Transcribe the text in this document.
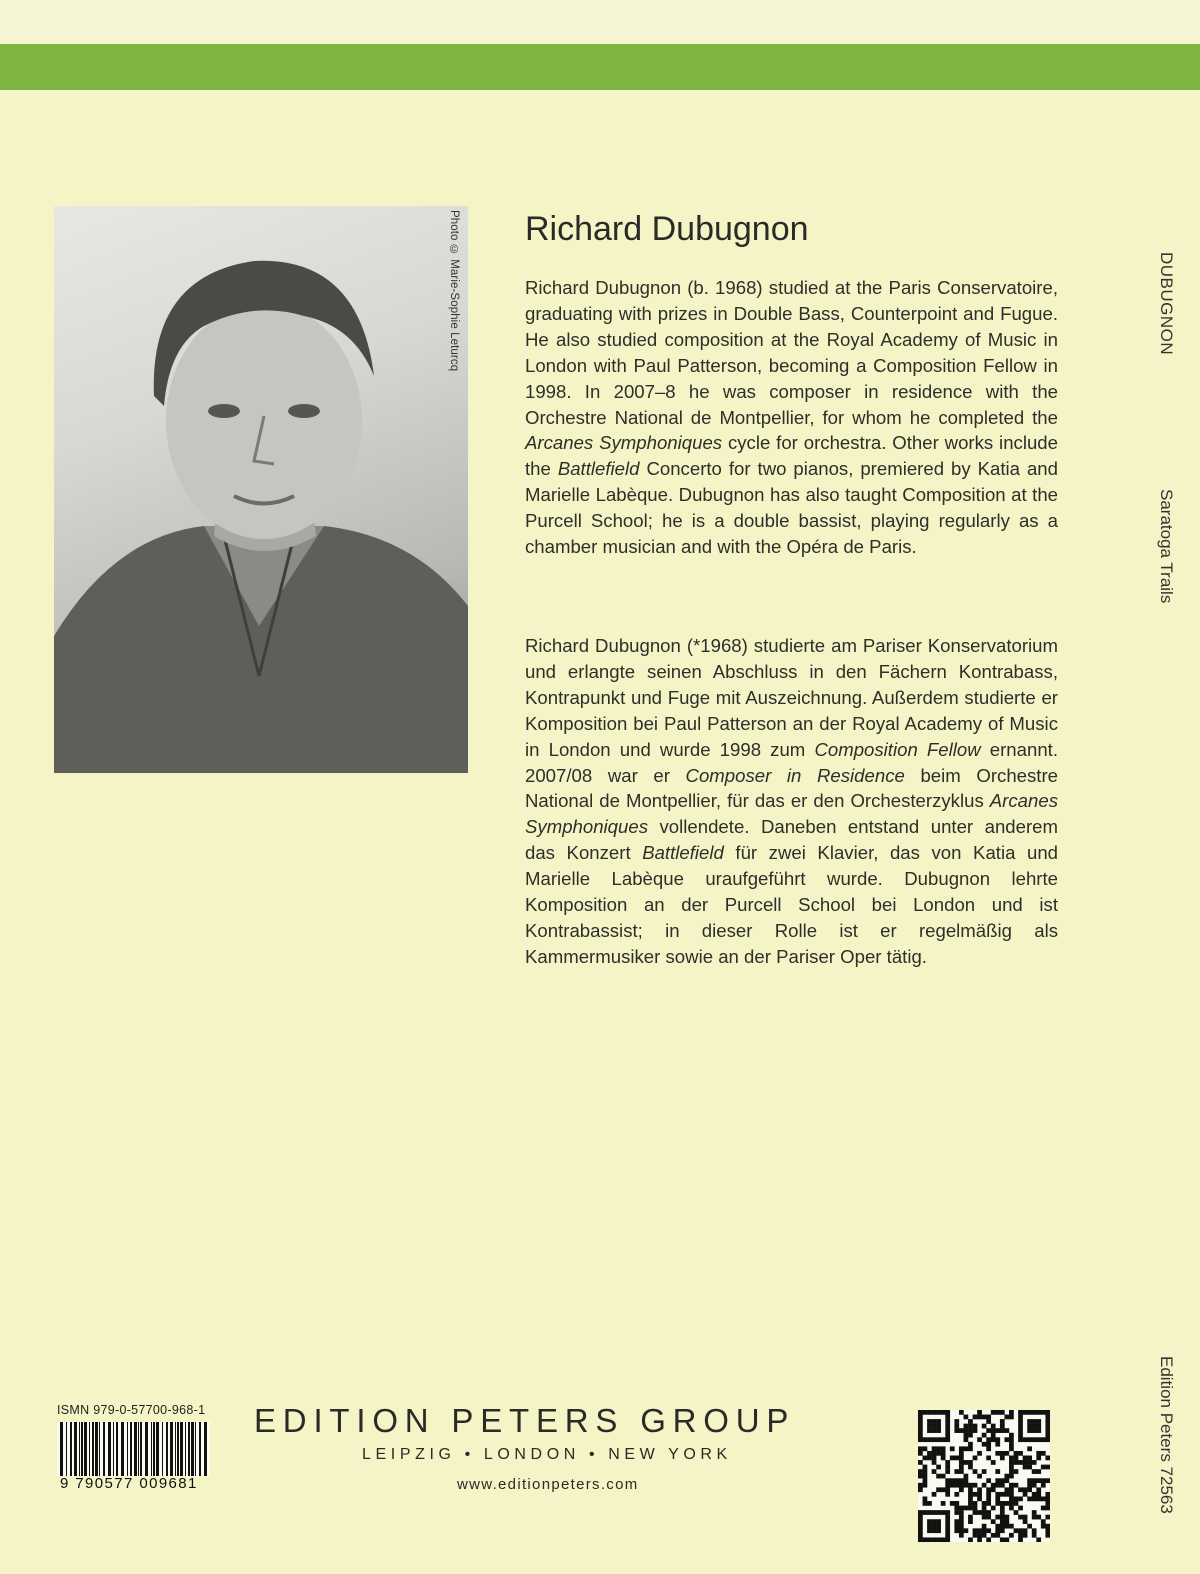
Photo © Marie-Sophie Leturcq Richard Dubugnon

Richard Dubugnon (b. 1968) studied at the Paris Conservatoire, graduating with prizes in Double Bass, Counterpoint and Fugue. He also studied composition at the Royal Academy of Music in London with Paul Patterson, becoming a Composition Fellow in 1998. In 2007–8 he was composer in residence with the Orchestre National de Montpellier, for whom he completed the Arcanes Symphoniques cycle for orchestra. Other works include the Battlefield Concerto for two pianos, premiered by Katia and Marielle Labèque. Dubugnon has also taught Composition at the Purcell School; he is a double bassist, playing regularly as a chamber musician and with the Opéra de Paris.

Richard Dubugnon (*1968) studierte am Pariser Konservatorium und erlangte seinen Abschluss in den Fächern Kontrabass, Kontrapunkt und Fuge mit Auszeichnung. Außerdem studierte er Komposition bei Paul Patterson an der Royal Academy of Music in London und wurde 1998 zum Composition Fellow ernannt. 2007/08 war er Composer in Residence beim Orchestre National de Montpellier, für das er den Orchesterzyklus Arcanes Symphoniques vollendete. Daneben entstand unter anderem das Konzert Battlefield für zwei Klavier, das von Katia und Marielle Labèque uraufgeführt wurde. Dubugnon lehrte Komposition an der Purcell School bei London und ist Kontrabassist; in dieser Rolle ist er regelmäßig als Kammermusiker sowie an der Pariser Oper tätig.

DUBUGNON
Saratoga Trails
Edition Peters 72563
ISMN 979-0-57700-968-1
9 790577 009681
EDITION PETERS GROUP
LEIPZIG • LONDON • NEW YORK
www.editionpeters.com
